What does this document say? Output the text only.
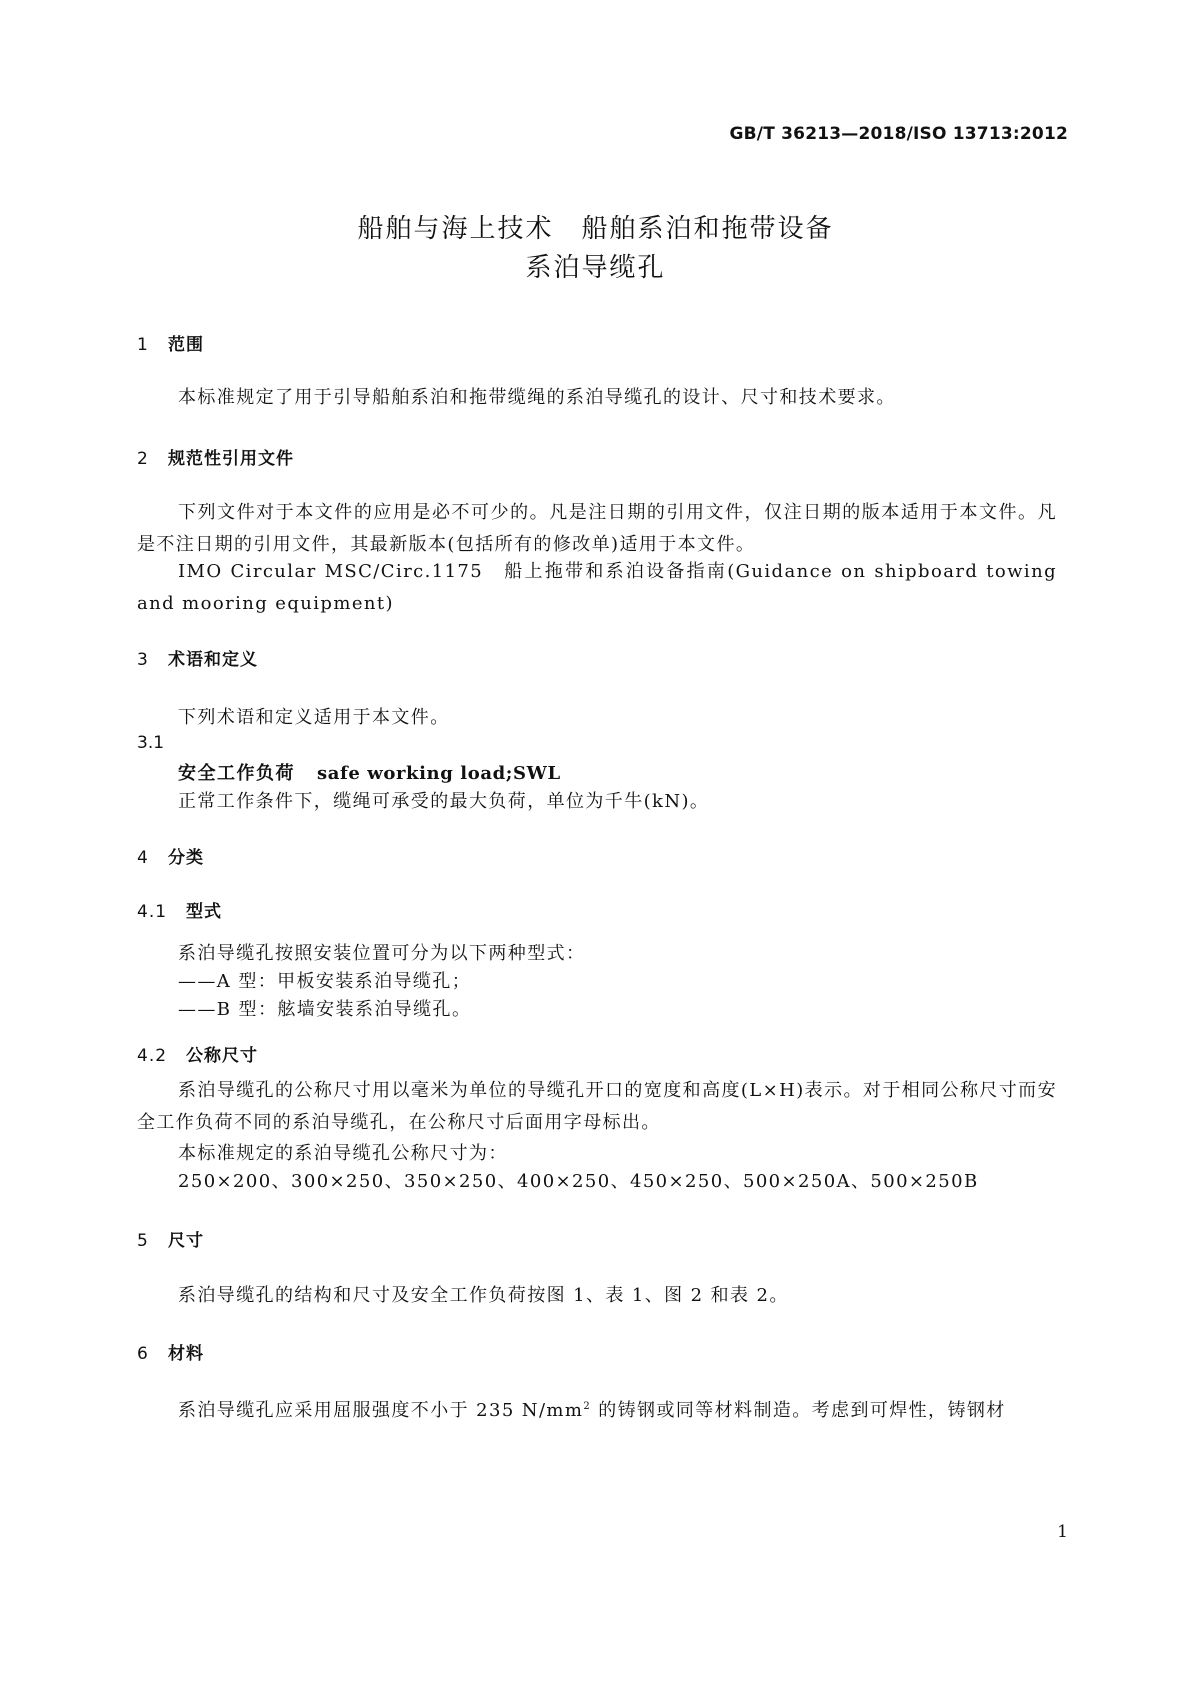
GB/T 36213—2018/ISO 13713:2012
船舶与海上技术　船舶系泊和拖带设备
系泊导缆孔
1 范围
本标准规定了用于引导船舶系泊和拖带缆绳的系泊导缆孔的设计、尺寸和技术要求。
2 规范性引用文件
下列文件对于本文件的应用是必不可少的。凡是注日期的引用文件，仅注日期的版本适用于本文件。凡是不注日期的引用文件，其最新版本(包括所有的修改单)适用于本文件。
IMO Circular MSC/Circ.1175　船上拖带和系泊设备指南(Guidance on shipboard towing and mooring equipment)
3 术语和定义
下列术语和定义适用于本文件。
3.1
安全工作负荷 safe working load;SWL
正常工作条件下，缆绳可承受的最大负荷，单位为千牛(kN)。
4 分类
4.1 型式
系泊导缆孔按照安装位置可分为以下两种型式：
——A 型：甲板安装系泊导缆孔；
——B 型：舷墙安装系泊导缆孔。
4.2 公称尺寸
系泊导缆孔的公称尺寸用以毫米为单位的导缆孔开口的宽度和高度(L×H)表示。对于相同公称尺寸而安全工作负荷不同的系泊导缆孔，在公称尺寸后面用字母标出。
本标准规定的系泊导缆孔公称尺寸为：
250×200、300×250、350×250、400×250、450×250、500×250A、500×250B
5 尺寸
系泊导缆孔的结构和尺寸及安全工作负荷按图 1、表 1、图 2 和表 2。
6 材料
系泊导缆孔应采用屈服强度不小于 235 $N/mm^2$ 的铸钢或同等材料制造。考虑到可焊性，铸钢材
1
